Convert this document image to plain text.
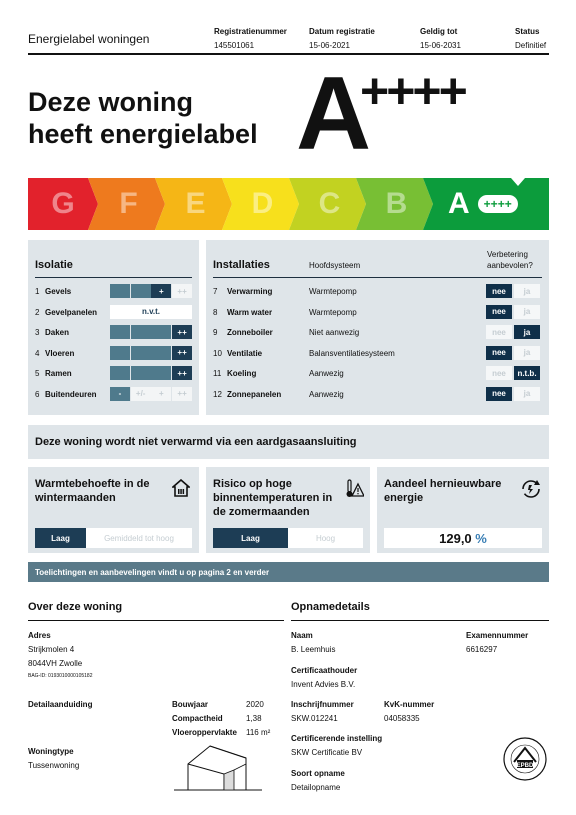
Energielabel woningen
Registratienummer
145501061
Datum registratie
15-06-2021
Geldig tot
15-06-2031
Status
Definitief
Deze woning
heeft energielabel A
++++
G	F	E	D	C	B	A	++++
Isolatie
1 Gevels	+	++
2 Gevelpanelen	n.v.t.
3 Daken	++
4 Vloeren	++
5 Ramen	++
6 Buitendeuren	-	+/-	+	++
Installaties	Hoofdsysteem
Verbetering aanbevolen?
7	Verwarming	Warmtepomp	nee	ja
8	Warm water	Warmtepomp	nee	ja
9	Zonneboiler	Niet aanwezig	nee	ja
10 Ventilatie	Balansventilatiesysteem	nee	ja
11 Koeling	Aanwezig	nee	n.t.b.
12 Zonnepanelen	Aanwezig	nee	ja
Deze woning wordt niet verwarmd via een aardgasaansluiting
Warmtebehoefte in de wintermaanden
Laag	Gemiddeld tot hoog
Risico op hoge binnentemperaturen in de zomermaanden
Laag	Hoog
Aandeel hernieuwbare energie
129,0
%
Toelichtingen en aanbevelingen vindt u op pagina 2 en verder
Over deze woning
Adres
Strijkmolen 4
8044VH Zwolle
BAG-ID: 0193010000105182
Detailaanduiding	Bouwjaar	2020
Compactheid	1,38
Vloeroppervlakte 116 m²
Woningtype
Tussenwoning
Opnamedetails
Naam
B. Leemhuis
Examennummer
6616297
Certificaathouder
Invent Advies B.V.
Inschrijfnummer
SKW.012241
KvK-nummer
04058335
Certificerende instelling
SKW Certificatie BV
Soort opname
Detailopname
EPBD
